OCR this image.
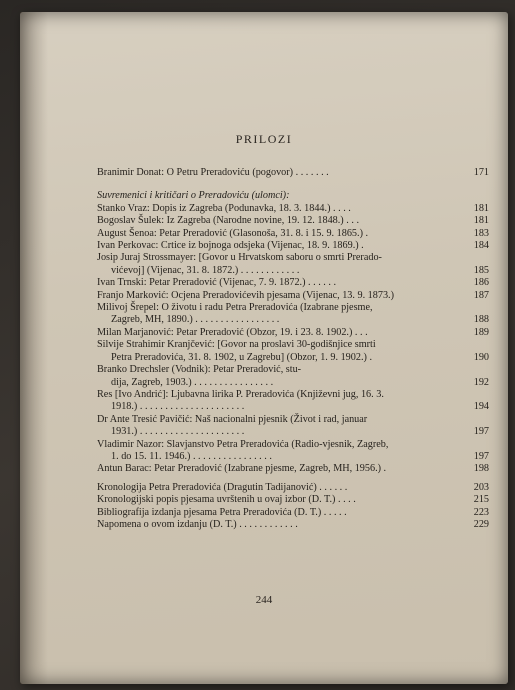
PRILOZI
Branimir Donat: O Petru Preradoviću (pogovor) . . . . . . .	171
Suvremenici i kritičari o Preradoviću (ulomci):
Stanko Vraz: Dopis iz Zagreba (Podunavka, 18. 3. 1844.) . . . .	181
Bogoslav Šulek: Iz Zagreba (Narodne novine, 19. 12. 1848.) . . .	181
August Šenoa: Petar Preradović (Glasonoša, 31. 8. i 15. 9. 1865.) .	183
Ivan Perkovac: Crtice iz bojnoga odsjeka (Vijenac, 18. 9. 1869.) .	184
Josip Juraj Strossmayer: [Govor u Hrvatskom saboru o smrti Prerado-
vićevoj] (Vijenac, 31. 8. 1872.) . . . . . . . . . . . .	185
Ivan Trnski: Petar Preradović (Vijenac, 7. 9. 1872.) . . . . . .	186
Franjo Marković: Ocjena Preradovićevih pjesama (Vijenac, 13. 9. 1873.)	187
Milivoj Šrepel: O životu i radu Petra Preradovića (Izabrane pjesme,
Zagreb, MH, 1890.) . . . . . . . . . . . . . . . . .	188
Milan Marjanović: Petar Preradović (Obzor, 19. i 23. 8. 1902.) . . .	189
Silvije Strahimir Kranjčević: [Govor na proslavi 30-godišnjice smrti
Petra Preradovića, 31. 8. 1902, u Zagrebu] (Obzor, 1. 9. 1902.) .	190
Branko Drechsler (Vodnik): Petar Preradović, stu-
dija, Zagreb, 1903.) . . . . . . . . . . . . . . . .	192
Res [Ivo Andrić]: Ljubavna lirika P. Preradovića (Književni jug, 16. 3.
1918.) . . . . . . . . . . . . . . . . . . . . .	194
Dr Ante Tresić Pavičić: Naš nacionalni pjesnik (Život i rad, januar
1931.) . . . . . . . . . . . . . . . . . . . . .	197
Vladimir Nazor: Slavjanstvo Petra Preradovića (Radio-vjesnik, Zagreb,
1. do 15. 11. 1946.) . . . . . . . . . . . . . . . .	197
Antun Barac: Petar Preradović (Izabrane pjesme, Zagreb, MH, 1956.) .	198
Kronologija Petra Preradovića (Dragutin Tadijanović) . . . . . .	203
Kronologijski popis pjesama uvrštenih u ovaj izbor (D. T.) . . . .	215
Bibliografija izdanja pjesama Petra Preradovića (D. T.) . . . . .	223
Napomena o ovom izdanju (D. T.) . . . . . . . . . . . .	229
244
